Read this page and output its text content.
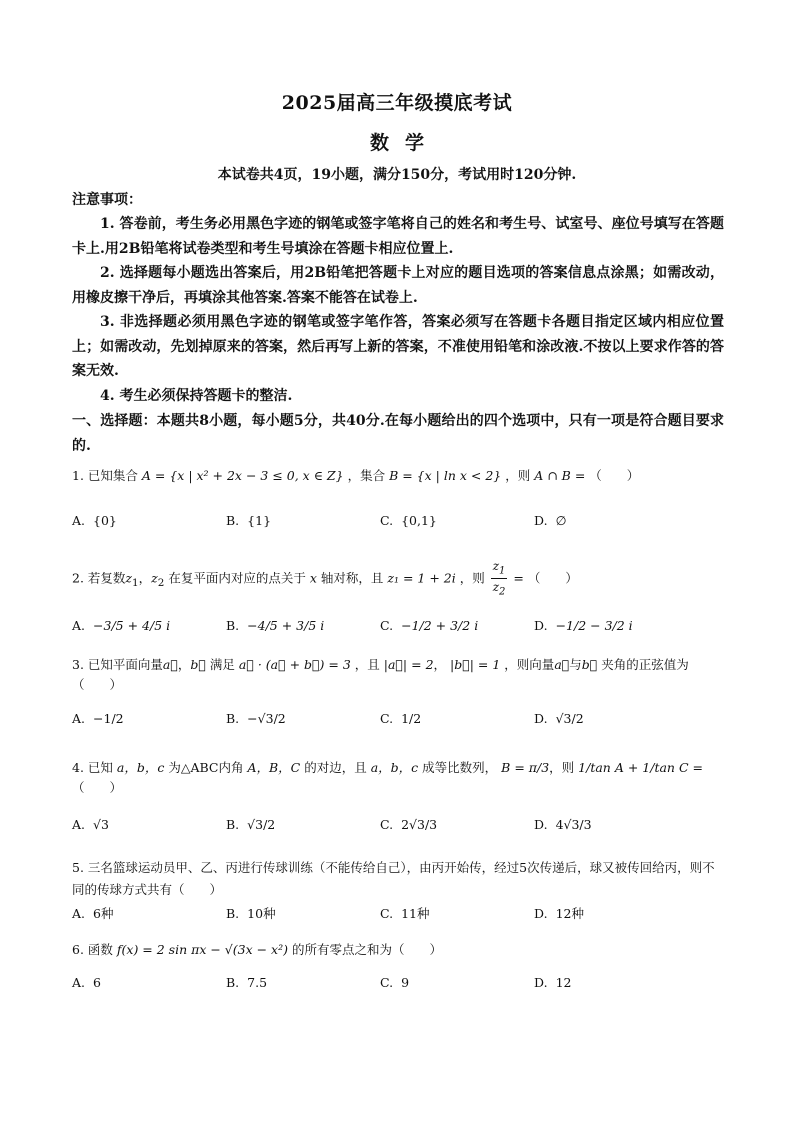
2025届高三年级摸底考试
数学
本试卷共4页，19小题，满分150分，考试用时120分钟.
注意事项：
1. 答卷前，考生务必用黑色字迹的钢笔或签字笔将自己的姓名和考生号、试室号、座位号填写在答题卡上.用2B铅笔将试卷类型和考生号填涂在答题卡相应位置上.
2. 选择题每小题选出答案后，用2B铅笔把答题卡上对应的题目选项的答案信息点涂黑；如需改动，用橡皮擦干净后，再填涂其他答案.答案不能答在试卷上.
3. 非选择题必须用黑色字迹的钢笔或签字笔作答，答案必须写在答题卡各题目指定区域内相应位置上；如需改动，先划掉原来的答案，然后再写上新的答案，不准使用铅笔和涂改液.不按以上要求作答的答案无效.
4. 考生必须保持答题卡的整洁.
一、选择题：本题共8小题，每小题5分，共40分.在每小题给出的四个选项中，只有一项是符合题目要求的.
1. 已知集合 A = {x | x² + 2x − 3 ≤ 0, x ∈ Z} ，集合 B = {x | ln x < 2} ，则 A ∩ B = （　　）
A. {0}	B. {1}	C. {0,1}	D. ∅
2. 若复数$z_1$，$z_2$ 在复平面内对应的点关于 x 轴对称，且 z₁ = 1 + 2i ，则 $\frac{z_1}{z_2}$ = （　　）
A. −3/5 + 4/5 i	B. −4/5 + 3/5 i	C. −1/2 + 3/2 i	D. −1/2 − 3/2 i
3. 已知平面向量a⃗，b⃗ 满足 a⃗ · (a⃗ + b⃗) = 3 ，且 |a⃗| = 2， |b⃗| = 1 ，则向量a⃗与b⃗ 夹角的正弦值为 （　　）
A. −1/2	B. −√3/2	C. 1/2	D. √3/2
4. 已知 a，b，c 为△ABC内角 A，B，C 的对边，且 a，b，c 成等比数列， B = π/3，则 1/tan A + 1/tan C = （　　）
A. √3	B. √3/2	C. 2√3/3	D. 4√3/3
5. 三名篮球运动员甲、乙、丙进行传球训练（不能传给自己），由丙开始传，经过5次传递后，球又被传回给丙，则不同的传球方式共有（　　）
A. 6种	B. 10种	C. 11种	D. 12种
6. 函数 f(x) = 2 sin πx − √(3x − x²) 的所有零点之和为（　　）
A. 6	B. 7.5	C. 9	D. 12
